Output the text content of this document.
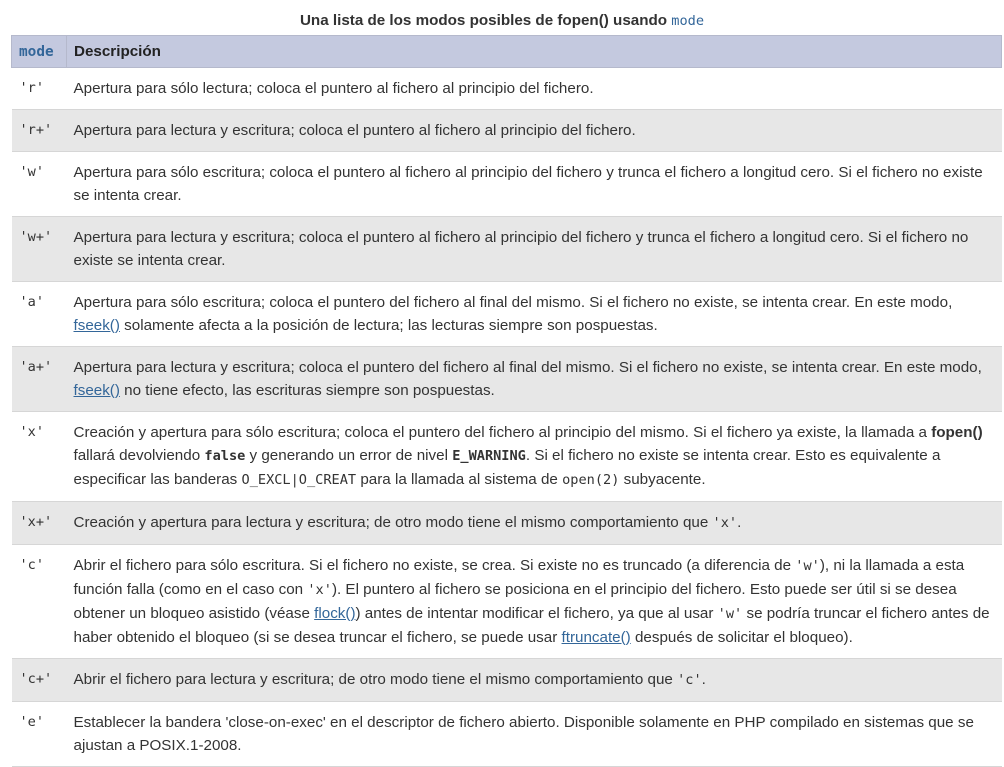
Una lista de los modos posibles de fopen() usando mode
mode	Descripción
'r'	Apertura para sólo lectura; coloca el puntero al fichero al principio del fichero.
'r+'	Apertura para lectura y escritura; coloca el puntero al fichero al principio del fichero.
'w'	Apertura para sólo escritura; coloca el puntero al fichero al principio del fichero y trunca el fichero a longitud cero. Si el fichero no existe se intenta crear.
'w+'	Apertura para lectura y escritura; coloca el puntero al fichero al principio del fichero y trunca el fichero a longitud cero. Si el fichero no existe se intenta crear.
'a'	Apertura para sólo escritura; coloca el puntero del fichero al final del mismo. Si el fichero no existe, se intenta crear. En este modo, fseek() solamente afecta a la posición de lectura; las lecturas siempre son pospuestas.
'a+'	Apertura para lectura y escritura; coloca el puntero del fichero al final del mismo. Si el fichero no existe, se intenta crear. En este modo, fseek() no tiene efecto, las escrituras siempre son pospuestas.
'x'	Creación y apertura para sólo escritura; coloca el puntero del fichero al principio del mismo. Si el fichero ya existe, la llamada a fopen() fallará devolviendo false y generando un error de nivel E_WARNING. Si el fichero no existe se intenta crear. Esto es equivalente a especificar las banderas O_EXCL|O_CREAT para la llamada al sistema de open(2) subyacente.
'x+'	Creación y apertura para lectura y escritura; de otro modo tiene el mismo comportamiento que 'x'.
'c'	Abrir el fichero para sólo escritura. Si el fichero no existe, se crea. Si existe no es truncado (a diferencia de 'w'), ni la llamada a esta función falla (como en el caso con 'x'). El puntero al fichero se posiciona en el principio del fichero. Esto puede ser útil si se desea obtener un bloqueo asistido (véase flock()) antes de intentar modificar el fichero, ya que al usar 'w' se podría truncar el fichero antes de haber obtenido el bloqueo (si se desea truncar el fichero, se puede usar ftruncate() después de solicitar el bloqueo).
'c+'	Abrir el fichero para lectura y escritura; de otro modo tiene el mismo comportamiento que 'c'.
'e'	Establecer la bandera 'close-on-exec' en el descriptor de fichero abierto. Disponible solamente en PHP compilado en sistemas que se ajustan a POSIX.1-2008.
